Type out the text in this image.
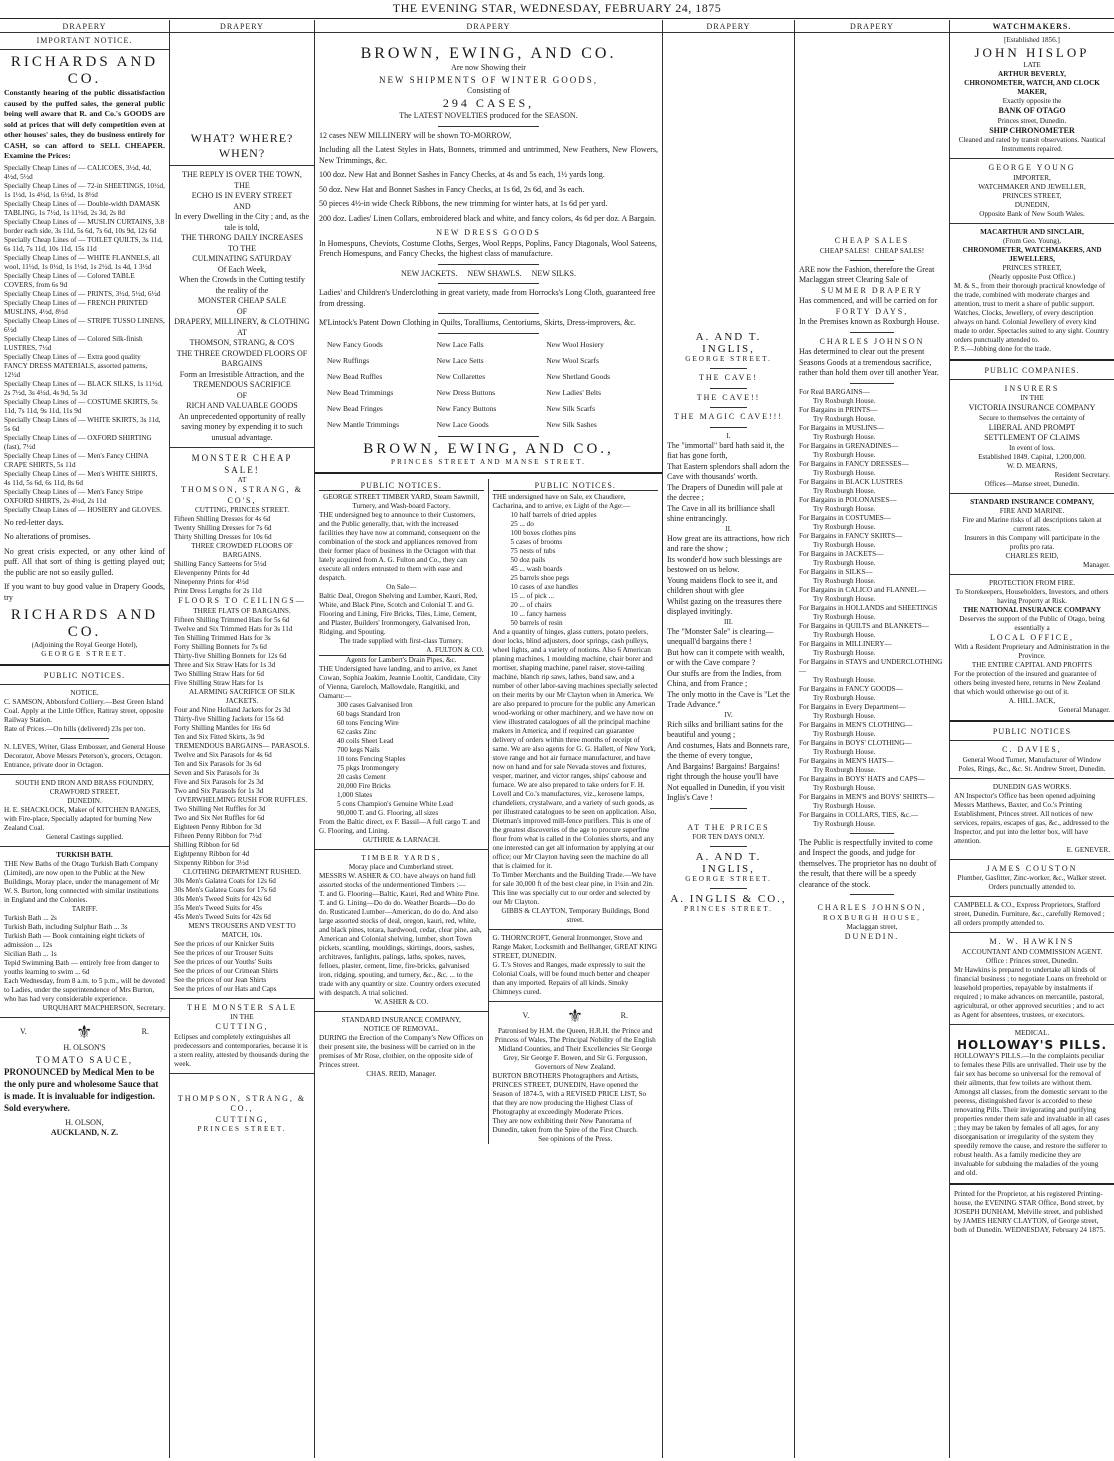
THE EVENING STAR, WEDNESDAY, FEBRUARY 24, 1875
DRAPERY
IMPORTANT NOTICE.
RICHARDS AND CO.
Constantly hearing of the public dissatisfaction caused by the puffed sales, the general public being well aware that R. and Co.'s GOODS are sold at prices that will defy competition even at other houses' sales, they do business entirely for CASH, so can afford to SELL CHEAPER. Examine the Prices:
Specially Cheap Lines of — CALICOES, 3½d, 4d, 4½d, 5½d
Specially Cheap Lines of — 72-in SHEETINGS, 10½d, 1s 1½d, 1s 4½d, 1s 6½d, 1s 8½d
Specially Cheap Lines of — Double-width DAMASK TABLING, 1s 7½d, 1s 11½d, 2s 3d, 2s 8d
Specially Cheap Lines of — MUSLIN CURTAINS, 3.8 border each side, 3s 11d, 5s 6d, 7s 6d, 10s 9d, 12s 6d
Specially Cheap Lines of — TOILET QUILTS, 3s 11d, 6s 11d, 7s 11d, 10s 11d, 15s 11d
Specially Cheap Lines of — WHITE FLANNELS, all wool, 11½d, 1s 0½d, 1s 1½d, 1s 2½d, 1s 4d, 1 3½d
Specially Cheap Lines of — Colored TABLE COVERS, from 6s 9d
Specially Cheap Lines of — PRINTS, 3½d, 5½d, 6½d
Specially Cheap Lines of — FRENCH PRINTED MUSLINS, 4½d, 8½d
Specially Cheap Lines of — STRIPE TUSSO LINENS, 6½d
Specially Cheap Lines of — Colored Silk-finish LUSTRES, 7½d
Specially Cheap Lines of — Extra good quality FANCY DRESS MATERIALS, assorted patterns, 12½d
Specially Cheap Lines of — BLACK SILKS, 1s 11½d, 2s 7½d, 3s 4½d, 4s 9d, 5s 3d
Specially Cheap Lines of — COSTUME SKIRTS, 5s 11d, 7s 11d, 9s 11d, 11s 9d
Specially Cheap Lines of — WHITE SKIRTS, 3s 11d, 5s 6d
Specially Cheap Lines of — OXFORD SHIRTING (fast), 7½d
Specially Cheap Lines of — Men's Fancy CHINA CRAPE SHIRTS, 5s 11d
Specially Cheap Lines of — Men's WHITE SHIRTS, 4s 11d, 5s 6d, 6s 11d, 8s 6d
Specially Cheap Lines of — Men's Fancy Stripe OXFORD SHIRTS, 2s 4½d, 2s 11d
Specially Cheap Lines of — HOSIERY and GLOVES.
No red-letter days.
No alterations of promises.
No great crisis expected, or any other kind of puff. All that sort of thing is getting played out; the public are not so easily gulled.
If you want to buy good value in Drapery Goods, try
RICHARDS AND CO.
(Adjoining the Royal George Hotel),
GEORGE STREET.
PUBLIC NOTICES.
NOTICE.
C. SAMSON, Abbotsford Colliery.—Best Green Island Coal. Apply at the Little Office, Rattray street, opposite Railway Station.
Rate of Prices.—On hills (delivered) 23s per ton.
N. LEVES, Writer, Glass Embosser, and General House Decorator, Above Messrs Peterson's, grocers, Octagon. Entrance, private door in Octagon.
SOUTH END IRON AND BRASS FOUNDRY,
CRAWFORD STREET,
DUNEDIN.
H. E. SHACKLOCK, Maker of KITCHEN RANGES, with Fire-place, Specially adapted for burning New Zealand Coal.
General Castings supplied.
TURKISH BATH.
THE New Baths of the Otago Turkish Bath Company (Limited), are now open to the Public at the New Buildings, Moray place, under the management of Mr W. S. Burton, long connected with similar institutions in England and the Colonies.
TARIFF.
Turkish Bath ... 2s
Turkish Bath, including Sulphur Bath ... 3s
Turkish Bath — Book containing eight tickets of admission ... 12s
Sicilian Bath ... 1s
Tepid Swimming Bath — entirely free from danger to youths learning to swim ... 6d
Each Wednesday, from 8 a.m. to 5 p.m., will be devoted to Ladies, under the superintendence of Mrs Burton, who has had very considerable experience.
URQUHART MACPHERSON, Secretary.
V.	⚜	R.
H. OLSON'S
TOMATO SAUCE,
PRONOUNCED by Medical Men to be the only pure and wholesome Sauce that is made. It is invaluable for indigestion. Sold everywhere.
H. OLSON,
AUCKLAND, N. Z.
DRAPERY
WHAT? WHERE? WHEN?
THE REPLY IS OVER THE TOWN,
THE
ECHO IS IN EVERY STREET
AND
In every Dwelling in the City ; and, as the tale is told,
THE THRONG DAILY INCREASES
TO THE
CULMINATING SATURDAY
Of Each Week,
When the Crowds in the Cutting testify the reality of the
MONSTER CHEAP SALE
OF
DRAPERY, MILLINERY, & CLOTHING
AT
THOMSON, STRANG, & CO'S
THE THREE CROWDED FLOORS OF
BARGAINS
Form an Irresistible Attraction, and the
TREMENDOUS SACRIFICE
OF
RICH AND VALUABLE GOODS
An unprecedented opportunity of really saving money by expending it to such unusual advantage.
MONSTER CHEAP SALE!
AT
THOMSON, STRANG, & CO'S,
CUTTING, PRINCES STREET.
Fifteen Shilling Dresses for 4s 6d
Twenty Shilling Dresses for 7s 6d
Thirty Shilling Dresses for 10s 6d
THREE CROWDED FLOORS OF BARGAINS.
Shilling Fancy Satteens for 5½d
Elevenpenny Prints for 4d
Ninepenny Prints for 4½d
Print Dress Lengths for 2s 11d
FLOORS TO CEILINGS—
THREE FLATS OF BARGAINS.
Fifteen Shilling Trimmed Hats for 5s 6d
Twelve and Six Trimmed Hats for 3s 11d
Ten Shilling Trimmed Hats for 3s
Forty Shilling Bonnets for 7s 6d
Thirty-five Shilling Bonnets for 12s 6d
Three and Six Straw Hats for 1s 3d
Two Shilling Straw Hats for 6d
Five Shilling Straw Hats for 1s
ALARMING SACRIFICE OF SILK JACKETS.
Four and Nine Holland Jackets for 2s 3d
Thirty-five Shilling Jackets for 15s 6d
Forty Shilling Mantles for 16s 6d
Ten and Six Fitted Skirts, 3s 9d
TREMENDOUS BARGAINS— PARASOLS.
Twelve and Six Parasols for 4s 6d
Ten and Six Parasols for 3s 6d
Seven and Six Parasols for 3s
Five and Six Parasols for 2s 3d
Two and Six Parasols for 1s 3d
OVERWHELMING RUSH FOR RUFFLES.
Two Shilling Net Ruffles for 3d
Two and Six Net Ruffles for 6d
Eighteen Penny Ribbon for 3d
Fifteen Penny Ribbon for 7½d
Shilling Ribbon for 6d
Eightpenny Ribbon for 4d
Sixpenny Ribbon for 3½d
CLOTHING DEPARTMENT RUSHED.
30s Men's Galatea Coats for 12s 6d
30s Men's Galatea Coats for 17s 6d
30s Men's Tweed Suits for 42s 6d
35s Men's Tweed Suits for 45s
45s Men's Tweed Suits for 42s 6d
MEN'S TROUSERS AND VEST TO MATCH, 10s.
See the prices of our Knicker Suits
See the prices of our Trouser Suits
See the prices of our Youths' Suits
See the prices of our Crimean Shirts
See the prices of our Jean Shirts
See the prices of our Hats and Caps
THE MONSTER SALE
IN THE
CUTTING,
Eclipses and completely extinguishes all predecessors and contemporaries, because it is a stern reality, attested by thousands during the week.
THOMPSON, STRANG, & CO.,
CUTTING,
PRINCES STREET.
DRAPERY
BROWN, EWING, AND CO.
Are now Showing their
NEW SHIPMENTS OF WINTER GOODS,
Consisting of
294 CASES,
The LATEST NOVELTIES produced for the SEASON.
12 cases NEW MILLINERY will be shown TO-MORROW,
Including all the Latest Styles in Hats, Bonnets, trimmed and untrimmed, New Feathers, New Flowers, New Trimmings, &c.
100 doz. New Hat and Bonnet Sashes in Fancy Checks, at 4s and 5s each, 1½ yards long.
50 doz. New Hat and Bonnet Sashes in Fancy Checks, at 1s 6d, 2s 6d, and 3s each.
50 pieces 4½-in wide Check Ribbons, the new trimming for winter hats, at 1s 6d per yard.
200 doz. Ladies' Linen Collars, embroidered black and white, and fancy colors, 4s 6d per doz. A Bargain.
NEW DRESS GOODS
In Homespuns, Cheviots, Costume Cloths, Serges, Wool Repps, Poplins, Fancy Diagonals, Wool Sateens, French Homespuns, and Fancy Checks, the highest class of manufacture.
NEW JACKETS.     NEW SHAWLS.     NEW SILKS.
Ladies' and Children's Underclothing in great variety, made from Horrocks's Long Cloth, guaranteed free from dressing.
M'Lintock's Patent Down Clothing in Quilts, Toralliums, Centoriums, Skirts, Dress-improvers, &c.
New Fancy Goods	New Lace Falls	New Wool Hosiery
New Ruffings	New Lace Setts	New Wool Scarfs
New Bead Ruffles	New Collarettes	New Shetland Goods
New Bead Trimmings	New Dress Buttons	New Ladies' Belts
New Bead Fringes	New Fancy Buttons	New Silk Scarfs
New Mantle Trimmings	New Lace Goods	New Silk Sashes
BROWN, EWING, AND CO.,
PRINCES STREET AND MANSE STREET.
PUBLIC NOTICES.
GEORGE STREET TIMBER YARD, Steam Sawmill, Turnery, and Wash-board Factory.
THE undersigned beg to announce to their Customers, and the Public generally, that, with the increased facilities they have now at command, consequent on the combination of the stock and appliances removed from their former place of business in the Octagon with that lately acquired from A. G. Fulton and Co., they can execute all orders entrusted to them with ease and despatch.
On Sale—
Baltic Deal, Oregon Shelving and Lumber, Kauri, Red, White, and Black Pine, Scotch and Colonial T. and G. Flooring and Lining, Fire Bricks, Tiles, Lime, Cement, and Plaster, Builders' Ironmongery, Galvanised Iron, Ridging, and Spouting.
The trade supplied with first-class Turnery.
A. FULTON & CO.
Agents for Lambert's Drain Pipes, &c.
THE Undersigned have landing, and to arrive, ex Janet Cowan, Sophia Joakim, Jeannie Looltit, Candidate, City of Vienna, Gareloch, Mallowdale, Rangitiki, and Oamaru:—
300 cases Galvanised Iron
60 bags Standard Iron
60 tons Fencing Wire
62 casks Zinc
40 coils Sheet Lead
700 kegs Nails
10 tons Fencing Staples
75 pkgs Ironmongery
20 casks Cement
20,000 Fire Bricks
1,000 Slates
5 cons Champion's Genuine White Lead
90,000 T. and G. Flooring, all sizes
From the Baltic direct, ex F. Bassil—A full cargo T. and G. Flooring, and Lining.
GUTHRIE & LARNACH.
TIMBER YARDS,
Moray place and Cumberland street.
MESSRS W. ASHER & CO. have always on hand full assorted stocks of the undermentioned Timbers :—
T. and G. Flooring—Baltic, Kauri, Red and White Pine. T. and G. Lining—Do do do. Weather Boards—Do do do. Rusticated Lumber—American, do do do. And also large assorted stocks of deal, oregon, kauri, red, white, and black pines, totara, hardwood, cedar, clear pine, ash, American and Colonial shelving, lumber, short Town pickets, scantling, mouldings, skirtings, doors, sashes, architraves, fanlights, palings, laths, spokes, naves, felloes, plaster, cement, lime, fire-bricks, galvanised iron, ridging, spouting, and turnery, &c., &c. ... to the trade with any quantity or size. Country orders executed with despatch. A trial solicited.
W. ASHER & CO.
STANDARD INSURANCE COMPANY,
NOTICE OF REMOVAL.
DURING the Erection of the Company's New Offices on their present site, the business will be carried on in the premises of Mr Rose, clothier, on the opposite side of Princes street.
CHAS. REID, Manager.
PUBLIC NOTICES.
THE undersigned have on Sale, ex Chaudiere, Cacharina, and to arrive, ex Light of the Age:—
10 half barrels of dried apples
25 ... do
100 boxes clothes pins
5 cases of brooms
75 nests of tubs
50 doz pails
45 ... wash boards
25 barrels shoe pegs
10 cases of axe handles
15 ... of pick ...
20 ... of chairs
10 ... fancy harness
50 barrels of resin
And a quantity of hinges, glass cutters, potato peelers, door locks, blind adjusters, door springs, cash pulleys, wheel lights, and a variety of notions. Also 6 American planing machines, 1 moulding machine, chair borer and mortiser, shaping machine, panel raiser, stove-tailing machine, blanch rip saws, lathes, band saw, and a number of other labor-saving machines specially selected on their merits by our Mr Clayton when in America. We are also prepared to procure for the public any American wood-working or other machinery, and we have now on view illustrated catalogues of all the principal machine makers in America, and if required can guarantee delivery of orders within three months of receipt of same. We are also agents for G. G. Hallett, of New York, stove range and hot air furnace manufacturer, and have now on hand and for sale Nevada stoves and fixtures, vesper, mariner, and victor ranges, ships' caboose and furnace. We are also prepared to take orders for F. H. Lovell and Co.'s manufactures, viz., kerosene lamps, chandeliers, crystalware, and a variety of such goods, as per illustrated catalogues to be seen on application. Also, Dietman's improved mill-fence purifiers. This is one of the greatest discoveries of the age to procure superfine flour from what is called in the Colonies shorts, and any one interested can get all information by applying at our office; our Mr Clayton having seen the machine do all that is claimed for it.
To Timber Merchants and the Building Trade.—We have for sale 30,000 ft of the best clear pine, in 1¼in and 2in. This line was specially cut to our order and selected by our Mr Clayton.
GIBBS & CLAYTON, Temporary Buildings, Bond street.
G. THORNCROFT, General Ironmonger, Stove and Range Maker, Locksmith and Bellhanger, GREAT KING STREET, DUNEDIN.
G. T.'s Stoves and Ranges, made expressly to suit the Colonial Coals, will be found much better and cheaper than any imported. Repairs of all kinds. Smoky Chimneys cured.
V. ⚜	R.
Patronised by H.M. the Queen, H.R.H. the Prince and Princess of Wales, The Principal Nobility of the English Midland Counties, and Their Excellencies Sir George Grey, Sir George F. Bowen, and Sir G. Fergusson, Governors of New Zealand.
BURTON BROTHERS Photographers and Artists, PRINCES STREET, DUNEDIN, Have opened the Season of 1874-5, with a REVISED PRICE LIST, So that they are now producing the Highest Class of Photography at exceedingly Moderate Prices.
They are now exhibiting their New Panorama of Dunedin, taken from the Spire of the First Church.
See opinions of the Press.
DRAPERY
A. AND T. INGLIS,
GEORGE STREET.
THE CAVE!
THE CAVE!!
THE MAGIC CAVE!!!
I.
The "immortal" bard hath said it, the fiat has gone forth,
That Eastern splendors shall adorn the Cave with thousands' worth.
The Drapers of Dunedin will pale at the decree ;
The Cave in all its brilliance shall shine entrancingly.
II.
How great are its attractions, how rich and rare the show ;
Its wonder'd how such blessings are bestowed on us below.
Young maidens flock to see it, and children shout with glee
Whilst gazing on the treasures there displayed invitingly.
III.
The "Monster Sale" is clearing—unequall'd bargains there !
But how can it compete with wealth, or with the Cave compare ?
Our stuffs are from the Indies, from China, and from France ;
The only motto in the Cave is "Let the Trade Advance."
IV.
Rich silks and brilliant satins for the beautiful and young ;
And costumes, Hats and Bonnets rare, the theme of every tongue,
And Bargains! Bargains! Bargains! right through the house you'll have
Not equalled in Dunedin, if you visit Inglis's Cave !
AT THE PRICES
FOR TEN DAYS ONLY.
A. AND T. INGLIS,
GEORGE STREET.
A. INGLIS & CO.,
PRINCES STREET.
DRAPERY
CHEAP SALES
CHEAP SALES!   CHEAP SALES!
ARE now the Fashion, therefore the Great Maclaggan street Clearing Sale of
SUMMER DRAPERY
Has commenced, and will be carried on for
FORTY DAYS,
In the Premises known as Roxburgh House.
CHARLES JOHNSON
Has determined to clear out the present Seasons Goods at a tremendous sacrifice, rather than hold them over till another Year.
For Real BARGAINS—
Try Roxburgh House.
For Bargains in PRINTS—
Try Roxburgh House.
For Bargains in MUSLINS—
Try Roxburgh House.
For Bargains in GRENADINES—
Try Roxburgh House.
For Bargains in FANCY DRESSES—
Try Roxburgh House.
For Bargains in BLACK LUSTRES
Try Roxburgh House.
For Bargains in POLONAISES—
Try Roxburgh House.
For Bargains in COSTUMES—
Try Roxburgh House.
For Bargains in FANCY SKIRTS—
Try Roxburgh House.
For Bargains in JACKETS—
Try Roxburgh House.
For Bargains in SILKS—
Try Roxburgh House.
For Bargains in CALICO and FLANNEL—
Try Roxburgh House.
For Bargains in HOLLANDS and SHEETINGS
Try Roxburgh House.
For Bargains in QUILTS and BLANKETS—
Try Roxburgh House.
For Bargains in MILLINERY—
Try Roxburgh House.
For Bargains in STAYS and UNDERCLOTHING—
Try Roxburgh House.
For Bargains in FANCY GOODS—
Try Roxburgh House.
For Bargains in Every Department—
Try Roxburgh House.
For Bargains in MEN'S CLOTHING—
Try Roxburgh House.
For Bargains in BOYS' CLOTHING—
Try Roxburgh House.
For Bargains in MEN'S HATS—
Try Roxburgh House.
For Bargains in BOYS' HATS and CAPS—
Try Roxburgh House.
For Bargains in MEN'S and BOYS' SHIRTS—
Try Roxburgh House.
For Bargains in COLLARS, TIES, &c.—
Try Roxburgh House.
The Public is respectfully invited to come and Inspect the goods, and judge for themselves. The proprietor has no doubt of the result, that there will be a speedy clearance of the stock.
CHARLES JOHNSON,
ROXBURGH HOUSE,
Maclaggan street,
DUNEDIN.
WATCHMAKERS.
[Established 1856.]
JOHN HISLOP
LATE
ARTHUR BEVERLY,
CHRONOMETER, WATCH, AND CLOCK MAKER,
Exactly opposite the
BANK OF OTAGO
Princes street, Dunedin.
SHIP CHRONOMETER
Cleaned and rated by transit observations. Nautical Instruments repaired.
GEORGE YOUNG
IMPORTER,
WATCHMAKER AND JEWELLER,
PRINCES STREET,
DUNEDIN,
Opposite Bank of New South Wales.
MACARTHUR AND SINCLAIR,
(From Geo. Young),
CHRONOMETER, WATCHMAKERS, AND JEWELLERS,
PRINCES STREET,
(Nearly opposite Post Office.)
M. & S., from their thorough practical knowledge of the trade, combined with moderate charges and attention, trust to merit a share of public support. Watches, Clocks, Jewellery, of every description always on hand. Colonial Jewellery of every kind made to order. Spectacles suited to any sight. Country orders punctually attended to.
P. S.—Jobbing done for the trade.
PUBLIC COMPANIES.
INSURERS
IN THE
VICTORIA INSURANCE COMPANY
Secure to themselves the certainty of
LIBERAL AND PROMPT
SETTLEMENT OF CLAIMS
In event of loss.
Established 1849. Capital, 1,200,000.
W. D. MEARNS,
Resident Secretary.
Offices—Manse street, Dunedin.
STANDARD INSURANCE COMPANY,
FIRE AND MARINE.
Fire and Marine risks of all descriptions taken at current rates.
Insurers in this Company will participate in the profits pro rata.
CHARLES REID,
Manager.
PROTECTION FROM FIRE.
To Storekeepers, Householders, Investors, and others having Property at Risk.
THE NATIONAL INSURANCE COMPANY
Deserves the support of the Public of Otago, being essentially a
LOCAL OFFICE,
With a Resident Proprietary and Administration in the Province.
THE ENTIRE CAPITAL AND PROFITS
For the protection of the insured and guarantee of others being invested here, returns in New Zealand that which would otherwise go out of it.
A. HILL JACK,
General Manager.
PUBLIC NOTICES
C. DAVIES,
General Wood Turner, Manufacturer of Window Poles, Rings, &c., &c. St. Andrew Street, Dunedin.
DUNEDIN GAS WORKS.
AN Inspector's Office has been opened adjoining Messrs Matthews, Baxter, and Co.'s Printing Establishment, Princes street. All notices of new services, repairs, escapes of gas, &c., addressed to the Inspector, and put into the letter box, will have attention.
E. GENEVER.
JAMES COUSTON
Plumber, Gasfitter, Zinc-worker, &c., Walker street. Orders punctually attended to.
CAMPBELL & CO., Express Proprietors, Stafford street, Dunedin. Furniture, &c., carefully Removed ; all orders promptly attended to.
M. W. HAWKINS
ACCOUNTANT AND COMMISSION AGENT.
Office : Princes street, Dunedin.
Mr Hawkins is prepared to undertake all kinds of financial business ; to negotiate Loans on freehold or leasehold properties, repayable by instalments if required ; to make advances on mercantile, pastoral, agricultural, or other approved securities ; and to act as Agent for absentees, trustees, or executors.
MEDICAL.
HOLLOWAY'S PILLS.
HOLLOWAY'S PILLS.—In the complaints peculiar to females these Pills are unrivalled. Their use by the fair sex has become so universal for the removal of their ailments, that few toilets are without them. Amongst all classes, from the domestic servant to the peeress, distinguished favor is accorded to these renovating Pills. Their invigorating and purifying properties render them safe and invaluable in all cases ; they may be taken by females of all ages, for any disorganisation or irregularity of the system they speedily remove the cause, and restore the sufferer to robust health. As a family medicine they are invaluable for subduing the maladies of the young and old.
Printed for the Proprietor, at his registered Printing-house, the EVENING STAR Office, Bond street, by JOSEPH DUNHAM, Melville street, and published by JAMES HENRY CLAYTON, of George street, both of Dunedin. WEDNESDAY, February 24 1875.
